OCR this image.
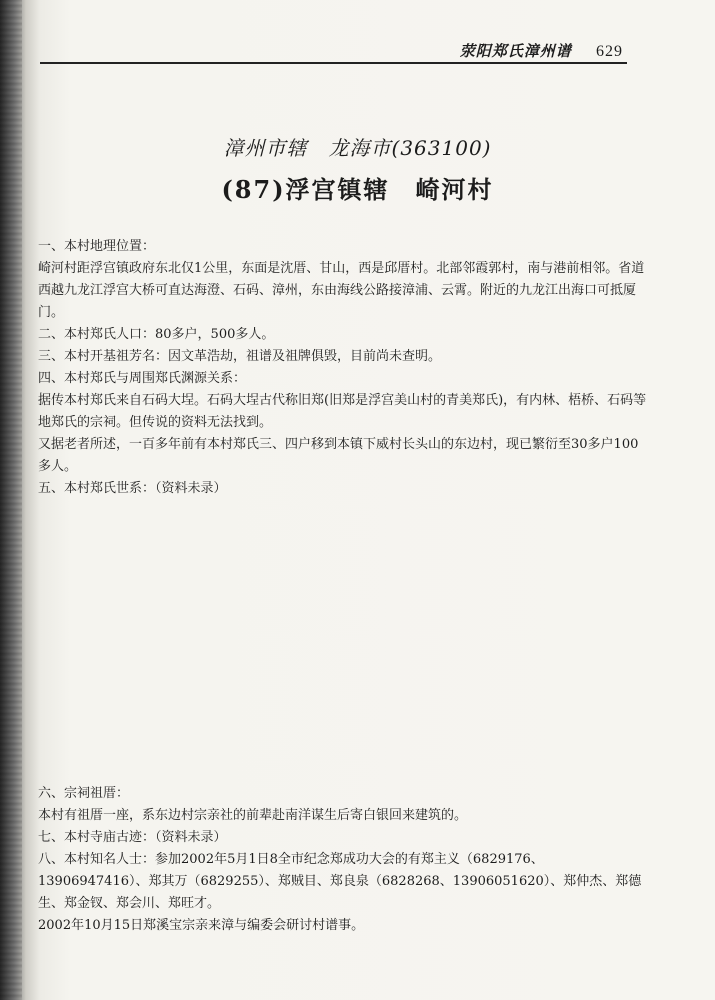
荥阳郑氏漳州谱 629
漳州市辖　龙海市(363100)
(87)浮宫镇辖　崎河村

一、本村地理位置：

崎河村距浮宫镇政府东北仅1公里，东面是沈厝、甘山，西是邱厝村。北部邻霞郭村，南与港前相邻。省道西越九龙江浮宫大桥可直达海澄、石码、漳州，东由海线公路接漳浦、云霄。附近的九龙江出海口可抵厦门。

二、本村郑氏人口：80多户，500多人。

三、本村开基祖芳名：因文革浩劫，祖谱及祖牌俱毁，目前尚未查明。

四、本村郑氏与周围郑氏渊源关系：

据传本村郑氏来自石码大埕。石码大埕古代称旧郑(旧郑是浮宫美山村的青美郑氏)，有内林、梧桥、石码等地郑氏的宗祠。但传说的资料无法找到。

又据老者所述，一百多年前有本村郑氏三、四户移到本镇下威村长头山的东边村，现已繁衍至30多户100多人。

五、本村郑氏世系：（资料未录）

六、宗祠祖厝：

本村有祖厝一座，系东边村宗亲社的前辈赴南洋谋生后寄白银回来建筑的。

七、本村寺庙古迹：（资料未录）

八、本村知名人士：参加2002年5月1日8全市纪念郑成功大会的有郑主义（6829176、13906947416）、郑其万（6829255）、郑贼目、郑良泉（6828268、13906051620）、郑仲杰、郑德生、郑金钗、郑会川、郑旺才。

2002年10月15日郑溪宝宗亲来漳与编委会研讨村谱事。
